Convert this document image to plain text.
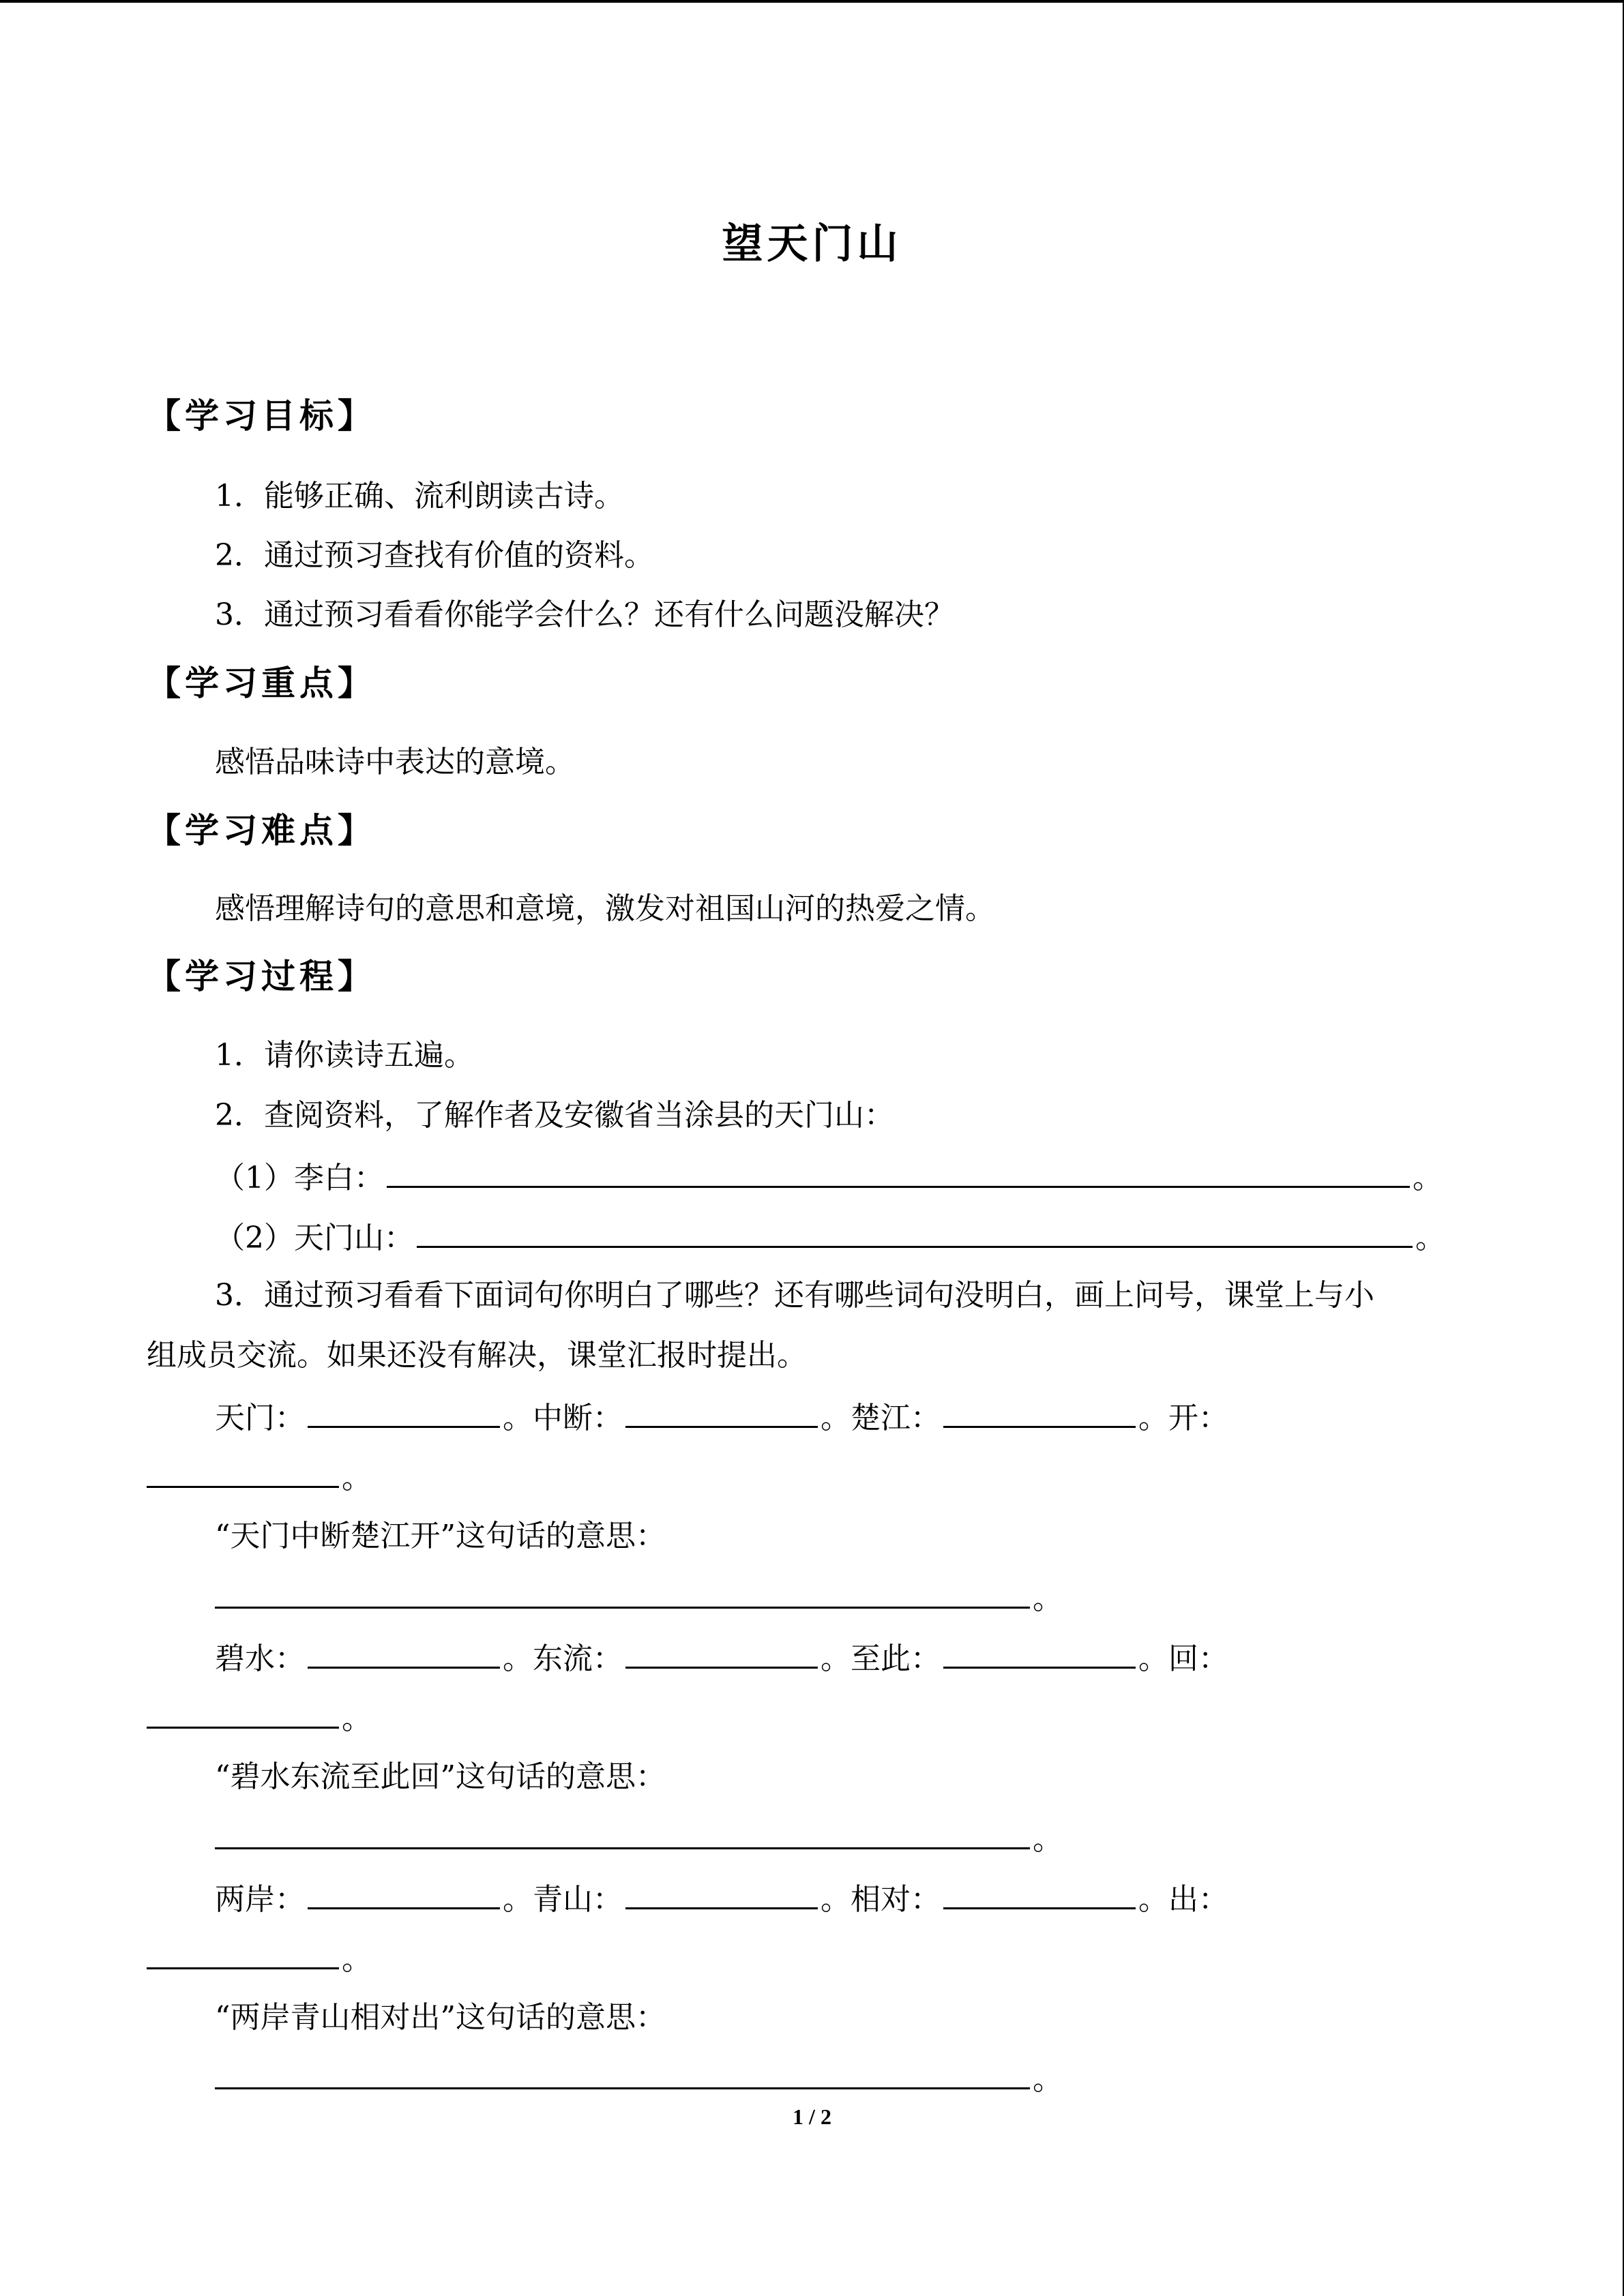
望天门山
【学习目标】
1．能够正确、流利朗读古诗。
2．通过预习查找有价值的资料。
3．通过预习看看你能学会什么？还有什么问题没解决？
【学习重点】
感悟品味诗中表达的意境。
【学习难点】
感悟理解诗句的意思和意境，激发对祖国山河的热爱之情。
【学习过程】
1．请你读诗五遍。
2．查阅资料，了解作者及安徽省当涂县的天门山：
（1）李白：	。
（2）天门山：	。
3．通过预习看看下面词句你明白了哪些？还有哪些词句没明白，画上问号，课堂上与小
组成员交流。如果还没有解决，课堂汇报时提出。
天门：	。中断：	。楚江：	。开：
。
“天门中断楚江开”这句话的意思：
。
碧水：	。东流：	。至此：	。回：
。
“碧水东流至此回”这句话的意思：
。
两岸：	。青山：	。相对：	。出：
。
“两岸青山相对出”这句话的意思：
。
1 / 2
